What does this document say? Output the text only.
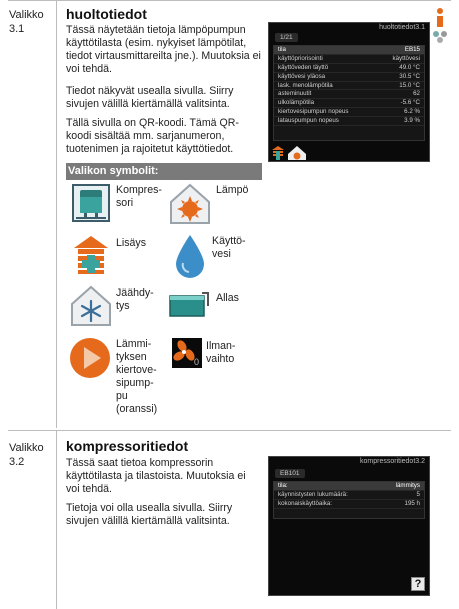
Valikko
3.1
huoltotiedot
Tässä näytetään tietoja lämpöpumpun käyttötilasta (esim. nykyiset lämpötilat, tiedot virtausmittareilta jne.). Muutoksia ei voi tehdä.
Tiedot näkyvät usealla sivulla. Siirry sivujen välillä kiertämällä valitsinta.
Tällä sivulla on QR-koodi. Tämä QR-koodi sisältää mm. sarjanumeron, tuotenimen ja rajoitetut käyttötiedot.
Valikon symbolit:
Kompres-sori
Lämpö
Lisäys	Käyttö-vesi
Jäähdy-tys
Allas
Lämmi-tyksen kiertove-sipump-pu (oranssi)
0
Ilman-vaihto
huoltotiedot3.1
1/21
tila	EB15
käyttöpriorisointi	käyttövesi
käyttöveden täyttö	49.0 °C
käyttövesi yläosa	30.5 °C
lask. menolämpötila	15.0 °C
asteminuutit	62
ulkolämpötila	-5.6 °C
kiertovesipumpun nopeus	6.2 %
latauspumpun nopeus	3.9 %
Valikko
3.2
kompressoritiedot
Tässä saat tietoa kompressorin käyttötilasta ja tilastoista. Muutoksia ei voi tehdä.
Tietoja voi olla usealla sivulla. Siirry sivujen välillä kiertämällä valitsinta.
kompressoritiedot3.2
EB101
tila:	lämmitys
käynnistysten lukumäärä:	5
kokonaiskäyttöaika:	195 h
?
